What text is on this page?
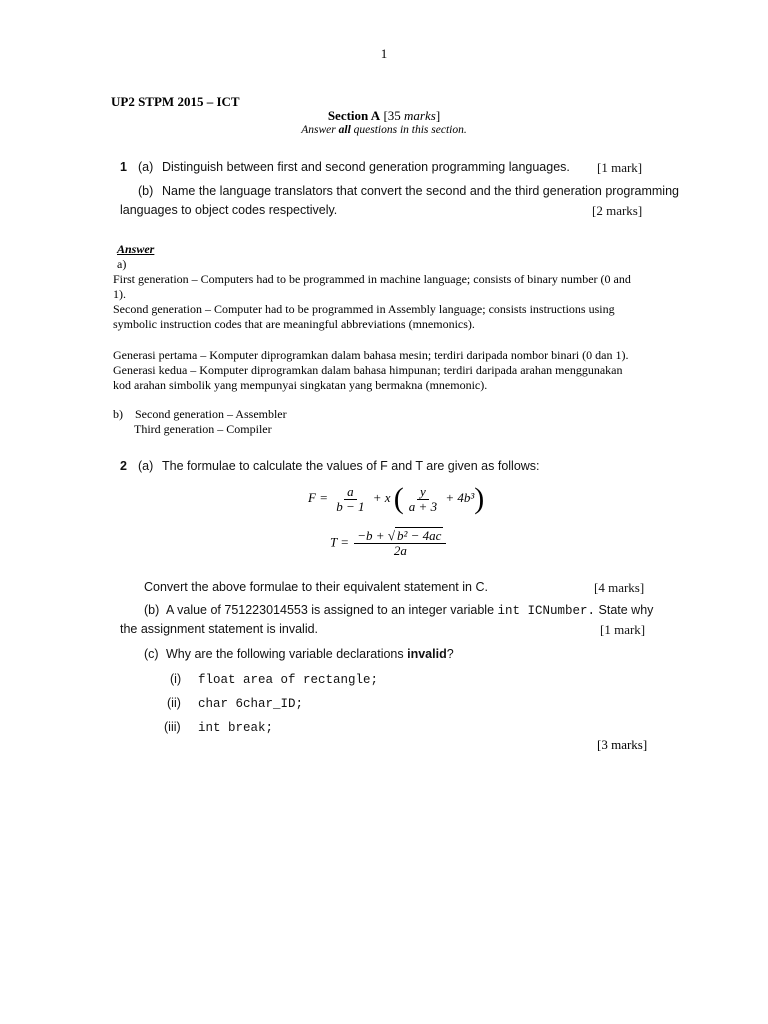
1
UP2 STPM 2015 – ICT
Section A [35 marks]
Answer all questions in this section.
1 (a) Distinguish between first and second generation programming languages. [1 mark]
(b) Name the language translators that convert the second and the third generation programming
languages to object codes respectively.	[2 marks]
Answer
a)
First generation – Computers had to be programmed in machine language; consists of binary number (0 and
1).
Second generation – Computer had to be programmed in Assembly language; consists instructions using
symbolic instruction codes that are meaningful abbreviations (mnemonics).
Generasi pertama – Komputer diprogramkan dalam bahasa mesin; terdiri daripada nombor binari (0 dan 1).
Generasi kedua – Komputer diprogramkan dalam bahasa himpunan; terdiri daripada arahan menggunakan
kod arahan simbolik yang mempunyai singkatan yang bermakna (mnemonic).
b) Second generation – Assembler
Third generation – Compiler
2 (a) The formulae to calculate the values of F and T are given as follows:
$F = \frac{a}{b - 1} + x$ ( $\frac{y}{a + 3} + 4b^3$)
$T = \frac{\text{−b + √ b² − 4ac}}{2a}$
Convert the above formulae to their equivalent statement in C.	[4 marks]
(b) A value of 751223014553 is assigned to an integer variable int ICNumber. State why
the assignment statement is invalid.	[1 mark]
(c) Why are the following variable declarations invalid?
(i) float area of rectangle;
(ii) char 6char_ID;
(iii) int break;
[3 marks]
